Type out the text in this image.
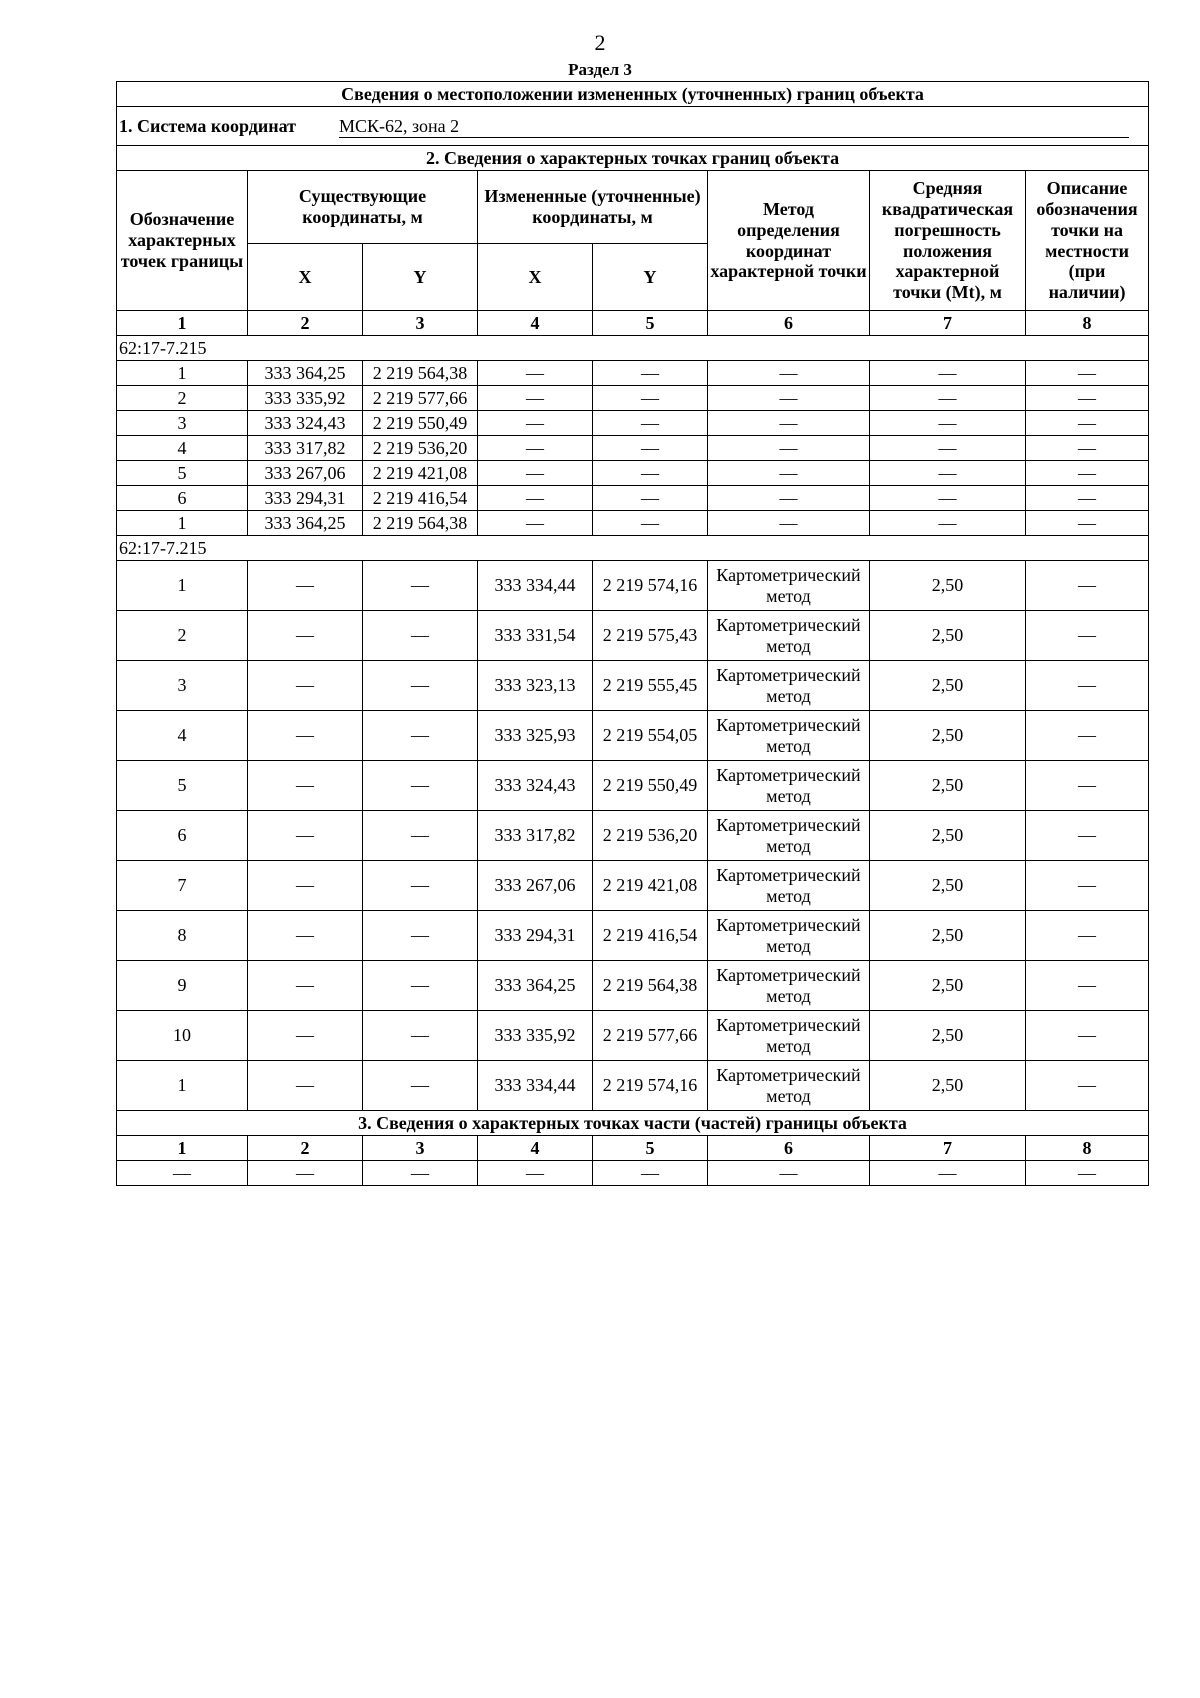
2
Раздел 3
Сведения о местоположении измененных (уточненных) границ объекта							
1. Система координат МСК-62, зона 2							
2. Сведения о характерных точках границ объекта							
Обозначение характерных точек границы	Существующие координаты, м		Измененные (уточненные) координаты, м		Метод определения координат характерной точки	Средняя квадратическая погрешность положения характерной точки (Mt), м	Описание обозначения точки на местности (при наличии)
	X	Y	X	Y			
1	2	3	4	5	6	7	8
62:17-7.215							
1	333 364,25	2 219 564,38	—	—	—	—	—
2	333 335,92	2 219 577,66	—	—	—	—	—
3	333 324,43	2 219 550,49	—	—	—	—	—
4	333 317,82	2 219 536,20	—	—	—	—	—
5	333 267,06	2 219 421,08	—	—	—	—	—
6	333 294,31	2 219 416,54	—	—	—	—	—
1	333 364,25	2 219 564,38	—	—	—	—	—
62:17-7.215							
1	—	—	333 334,44	2 219 574,16	Картометрический метод	2,50	—
2	—	—	333 331,54	2 219 575,43	Картометрический метод	2,50	—
3	—	—	333 323,13	2 219 555,45	Картометрический метод	2,50	—
4	—	—	333 325,93	2 219 554,05	Картометрический метод	2,50	—
5	—	—	333 324,43	2 219 550,49	Картометрический метод	2,50	—
6	—	—	333 317,82	2 219 536,20	Картометрический метод	2,50	—
7	—	—	333 267,06	2 219 421,08	Картометрический метод	2,50	—
8	—	—	333 294,31	2 219 416,54	Картометрический метод	2,50	—
9	—	—	333 364,25	2 219 564,38	Картометрический метод	2,50	—
10	—	—	333 335,92	2 219 577,66	Картометрический метод	2,50	—
1	—	—	333 334,44	2 219 574,16	Картометрический метод	2,50	—
3. Сведения о характерных точках части (частей) границы объекта							
1	2	3	4	5	6	7	8
—	—	—	—	—	—	—	—
